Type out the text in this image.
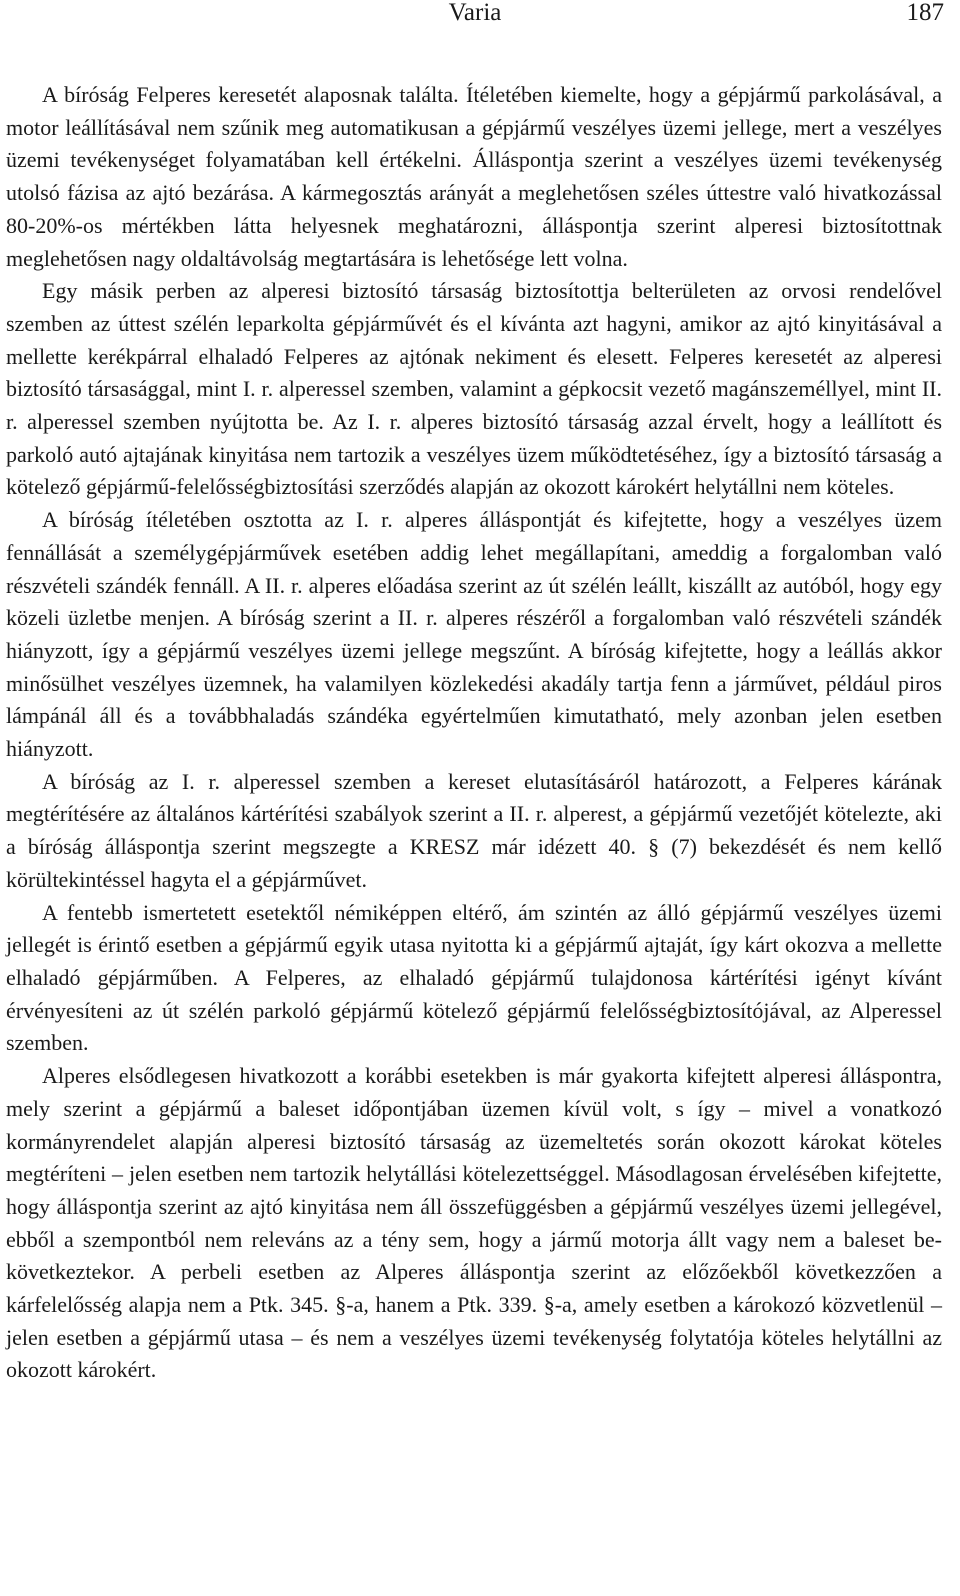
Varia	187

A bíróság Felperes keresetét alaposnak találta. Ítéletében kiemelte, hogy a gépjármű parkolásával, a motor leállításával nem szűnik meg automatikusan a gépjármű veszélyes üzemi jellege, mert a veszélyes üzemi tevékenységet folyamatában kell értékelni. Álláspontja szerint a veszélyes üzemi tevékenység utolsó fázisa az ajtó bezárása. A kármegosztás arányát a meglehetősen széles úttestre való hivatkozással 80-20%-os mértékben látta helyesnek meghatározni, álláspontja szerint alperesi biztosítottnak meglehetősen nagy oldaltávolság megtartására is lehetősége lett volna.

Egy másik perben az alperesi biztosító társaság biztosítottja belterületen az orvosi rendelővel szemben az úttest szélén leparkolta gépjárművét és el kívánta azt hagyni, amikor az ajtó kinyitásával a mellette kerékpárral elhaladó Felperes az ajtónak nekiment és elesett. Felperes keresetét az alperesi biztosító társasággal, mint I. r. alperessel szemben, valamint a gépkocsit vezető magánszeméllyel, mint II. r. alperessel szemben nyújtotta be. Az I. r. alperes biztosító társaság azzal érvelt, hogy a leállított és parkoló autó ajtajának kinyitása nem tartozik a veszélyes üzem működtetéséhez, így a biztosító társaság a kötelező gépjármű-felelősségbiztosítási szerződés alapján az okozott károkért helytállni nem köteles.

A bíróság ítéletében osztotta az I. r. alperes álláspontját és kifejtette, hogy a veszélyes üzem fennállását a személygépjárművek esetében addig lehet megállapítani, ameddig a forgalomban való részvételi szándék fennáll. A II. r. alperes előadása szerint az út szélén leállt, kiszállt az autóból, hogy egy közeli üzletbe menjen. A bíróság szerint a II. r. alperes részéről a forgalomban való részvételi szándék hiányzott, így a gépjármű veszélyes üzemi jellege megszűnt. A bíróság kifejtette, hogy a leállás akkor minősülhet veszélyes üzemnek, ha valamilyen közlekedési akadály tartja fenn a járművet, például piros lámpánál áll és a továbbhaladás szándéka egyértelműen kimutatható, mely azonban jelen esetben hiányzott.

A bíróság az I. r. alperessel szemben a kereset elutasításáról határozott, a Felperes kárának megtérítésére az általános kártérítési szabályok szerint a II. r. alperest, a gépjármű vezetőjét kötelezte, aki a bíróság álláspontja szerint megszegte a KRESZ már idézett 40. § (7) bekezdését és nem kellő körültekintéssel hagyta el a gépjárművet.

A fentebb ismertetett esetektől némiképpen eltérő, ám szintén az álló gépjármű veszélyes üzemi jellegét is érintő esetben a gépjármű egyik utasa nyitotta ki a gépjármű ajtaját, így kárt okozva a mellette elhaladó gépjárműben. A Felperes, az elhaladó gépjármű tulajdonosa kártérítési igényt kívánt érvényesíteni az út szélén parkoló gépjármű kötelező gépjármű felelősségbiztosítójával, az Alperessel szemben.

Alperes elsődlegesen hivatkozott a korábbi esetekben is már gyakorta kifejtett alperesi álláspontra, mely szerint a gépjármű a baleset időpontjában üzemen kívül volt, s így – mivel a vonatkozó kormányrendelet alapján alperesi biztosító társaság az üzemeltetés során okozott károkat köteles megtéríteni – jelen esetben nem tartozik helytállási kötelezettséggel. Másodlagosan érvelésében kifejtette, hogy álláspontja szerint az ajtó kinyitása nem áll összefüggésben a gépjármű veszélyes üzemi jellegével, ebből a szempontból nem releváns az a tény sem, hogy a jármű motorja állt vagy nem a baleset bekövetkeztekor. A perbeli esetben az Alperes álláspontja szerint az előzőekből következzően a kárfelelősség alapja nem a Ptk. 345. §-a, hanem a Ptk. 339. §-a, amely esetben a károkozó közvetlenül – jelen esetben a gépjármű utasa – és nem a veszélyes üzemi tevékenység folytatója köteles helytállni az okozott károkért.
